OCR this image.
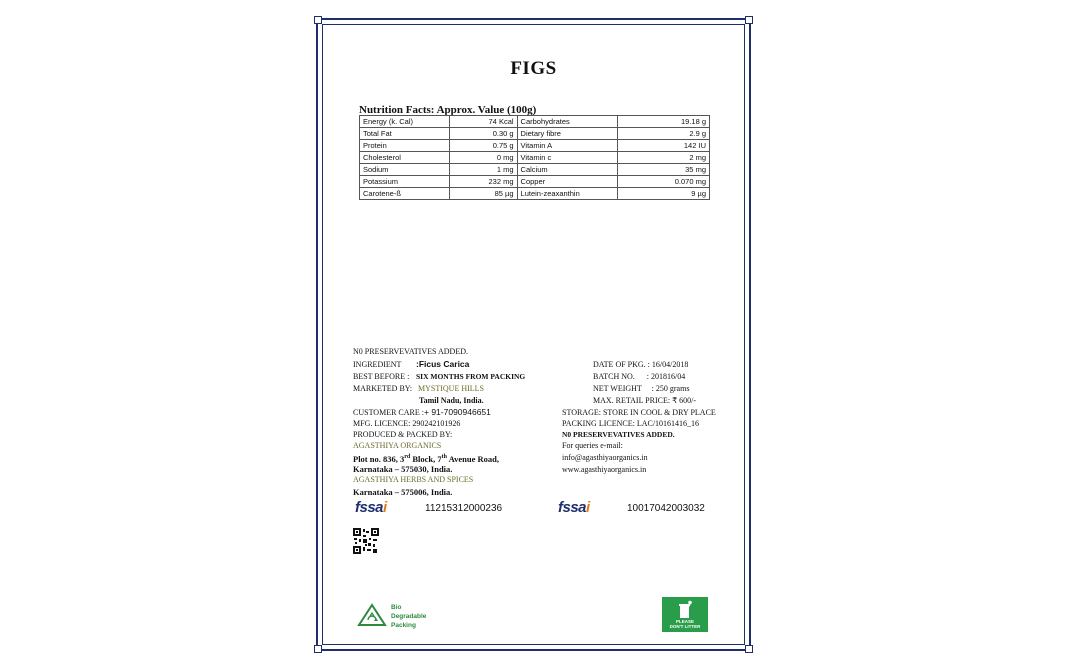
FIGS
Nutrition Facts: Approx. Value (100g)
Energy (k. Cal)	74 Kcal	Carbohydrates	19.18 g
Total Fat	0.30 g	Dietary fibre	2.9 g
Protein	0.75 g	Vitamin A	142 IU
Cholesterol	0 mg	Vitamin c	2 mg
Sodium	1 mg	Calcium	35 mg
Potassium	232 mg	Copper	0.070 mg
Carotene-ß	85 µg	Lutein-zeaxanthin	9 µg
N0 PRESERVEVATIVES ADDED.
INGREDIENT :Ficus Carica
BEST BEFORE : SIX MONTHS FROM PACKING
MARKETED BY: MYSTIQUE HILLS
Tamil Nadu, India.
CUSTOMER CARE : + 91-7090946651
MFG. LICENCE: 290242101926
PRODUCED & PACKED BY:
AGASTHIYA ORGANICS
Plot no. 836, 3rd Block, 7th Avenue Road,
Karnataka – 575030, India.
AGASTHIYA HERBS AND SPICES
Karnataka – 575006, India.
DATE OF PKG. : 16/04/2018
BATCH NO.      : 201816/04
NET WEIGHT     : 250 grams
MAX. RETAIL PRICE: ₹ 600/-
STORAGE: STORE IN COOL & DRY PLACE
PACKING LICENCE: LAC/10161416_16
N0 PRESERVEVATIVES ADDED.
For queries e-mail:
info@agasthiyaorganics.in
www.agasthiyaorganics.in
fssai	11215312000236	fssai	10017042003032
Bio
Degradable
Packing
PLEASE
DON'T LITTER
